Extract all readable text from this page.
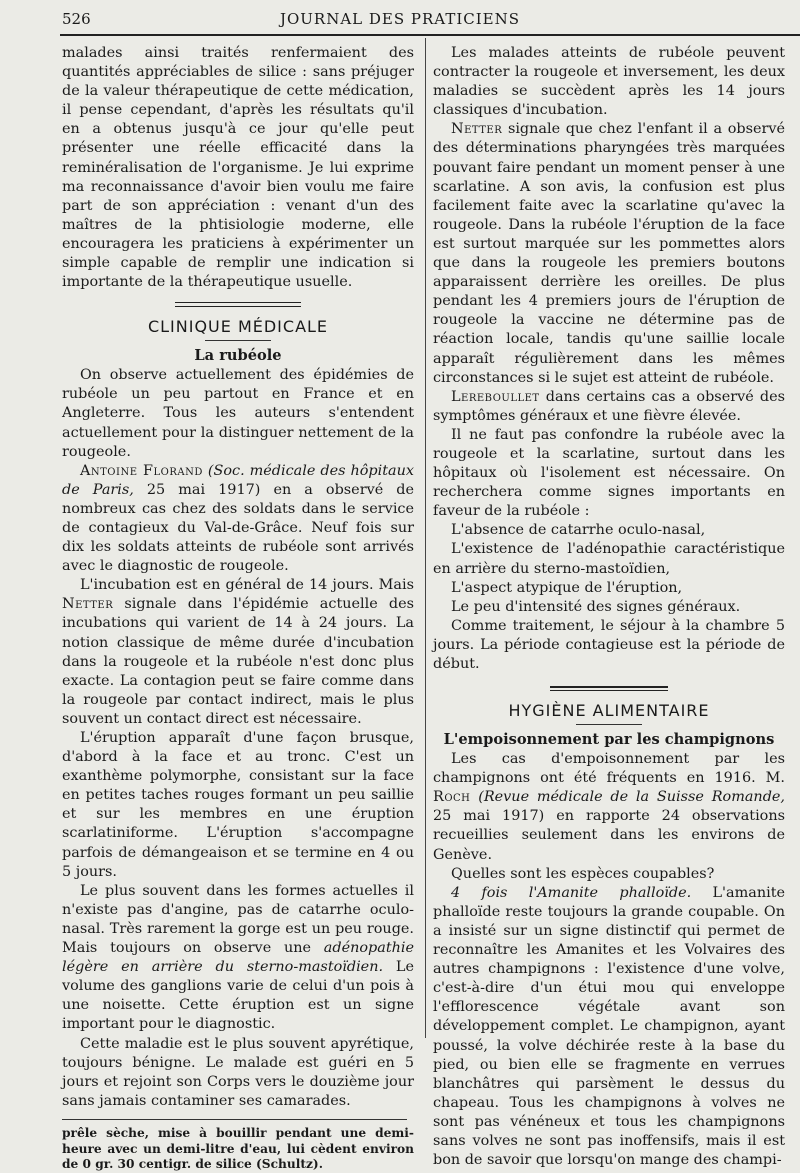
526	JOURNAL DES PRATICIENS

malades ainsi traités renfermaient des quantités appréciables de silice : sans préjuger de la valeur thérapeutique de cette médication, il pense cependant, d'après les résultats qu'il en a obtenus jusqu'à ce jour qu'elle peut présenter une réelle efficacité dans la reminéralisation de l'organisme. Je lui exprime ma reconnaissance d'avoir bien voulu me faire part de son appréciation : venant d'un des maîtres de la phtisiologie moderne, elle encouragera les praticiens à expérimenter un simple capable de remplir une indication si importante de la thérapeutique usuelle.

CLINIQUE MÉDICALE
La rubéole

On observe actuellement des épidémies de rubéole un peu partout en France et en Angleterre. Tous les auteurs s'entendent actuellement pour la distinguer nettement de la rougeole.

Antoine Florand (Soc. médicale des hôpitaux de Paris, 25 mai 1917) en a observé de nombreux cas chez des soldats dans le service de contagieux du Val-de-Grâce. Neuf fois sur dix les soldats atteints de rubéole sont arrivés avec le diagnostic de rougeole.

L'incubation est en général de 14 jours. Mais Netter signale dans l'épidémie actuelle des incubations qui varient de 14 à 24 jours. La notion classique de même durée d'incubation dans la rougeole et la rubéole n'est donc plus exacte. La contagion peut se faire comme dans la rougeole par contact indirect, mais le plus souvent un contact direct est nécessaire.

L'éruption apparaît d'une façon brusque, d'abord à la face et au tronc. C'est un exanthème polymorphe, consistant sur la face en petites taches rouges formant un peu saillie et sur les membres en une éruption scarlatiniforme. L'éruption s'accompagne parfois de démangeaison et se termine en 4 ou 5 jours.

Le plus souvent dans les formes actuelles il n'existe pas d'angine, pas de catarrhe oculo-nasal. Très rarement la gorge est un peu rouge. Mais toujours on observe une adénopathie légère en arrière du sterno-mastoïdien. Le volume des ganglions varie de celui d'un pois à une noisette. Cette éruption est un signe important pour le diagnostic.

Cette maladie est le plus souvent apyrétique, toujours bénigne. Le malade est guéri en 5 jours et rejoint son Corps vers le douzième jour sans jamais contaminer ses camarades.

prêle sèche, mise à bouillir pendant une demi-heure avec un demi-litre d'eau, lui cèdent environ de 0 gr. 30 centigr. de silice (Schultz).

Les malades atteints de rubéole peuvent contracter la rougeole et inversement, les deux maladies se succèdent après les 14 jours classiques d'incubation.

Netter signale que chez l'enfant il a observé des déterminations pharyngées très marquées pouvant faire pendant un moment penser à une scarlatine. A son avis, la confusion est plus facilement faite avec la scarlatine qu'avec la rougeole. Dans la rubéole l'éruption de la face est surtout marquée sur les pommettes alors que dans la rougeole les premiers boutons apparaissent derrière les oreilles. De plus pendant les 4 premiers jours de l'éruption de rougeole la vaccine ne détermine pas de réaction locale, tandis qu'une saillie locale apparaît régulièrement dans les mêmes circonstances si le sujet est atteint de rubéole.

Lereboullet dans certains cas a observé des symptômes généraux et une fièvre élevée.

Il ne faut pas confondre la rubéole avec la rougeole et la scarlatine, surtout dans les hôpitaux où l'isolement est nécessaire. On recherchera comme signes importants en faveur de la rubéole :

L'absence de catarrhe oculo-nasal,

L'existence de l'adénopathie caractéristique en arrière du sterno-mastoïdien,

L'aspect atypique de l'éruption,

Le peu d'intensité des signes généraux.

Comme traitement, le séjour à la chambre 5 jours. La période contagieuse est la période de début.

HYGIÈNE ALIMENTAIRE
L'empoisonnement par les champignons

Les cas d'empoisonnement par les champignons ont été fréquents en 1916. M. Roch (Revue médicale de la Suisse Romande, 25 mai 1917) en rapporte 24 observations recueillies seulement dans les environs de Genève.

Quelles sont les espèces coupables?

4 fois l'Amanite phalloïde. L'amanite phalloïde reste toujours la grande coupable. On a insisté sur un signe distinctif qui permet de reconnaître les Amanites et les Volvaires des autres champignons : l'existence d'une volve, c'est-à-dire d'un étui mou qui enveloppe l'efflorescence végétale avant son développement complet. Le champignon, ayant poussé, la volve déchirée reste à la base du pied, ou bien elle se fragmente en verrues blanchâtres qui parsèment le dessus du chapeau. Tous les champignons à volves ne sont pas vénéneux et tous les champignons sans volves ne sont pas inoffensifs, mais il est bon de savoir que lorsqu'on mange des champi-
